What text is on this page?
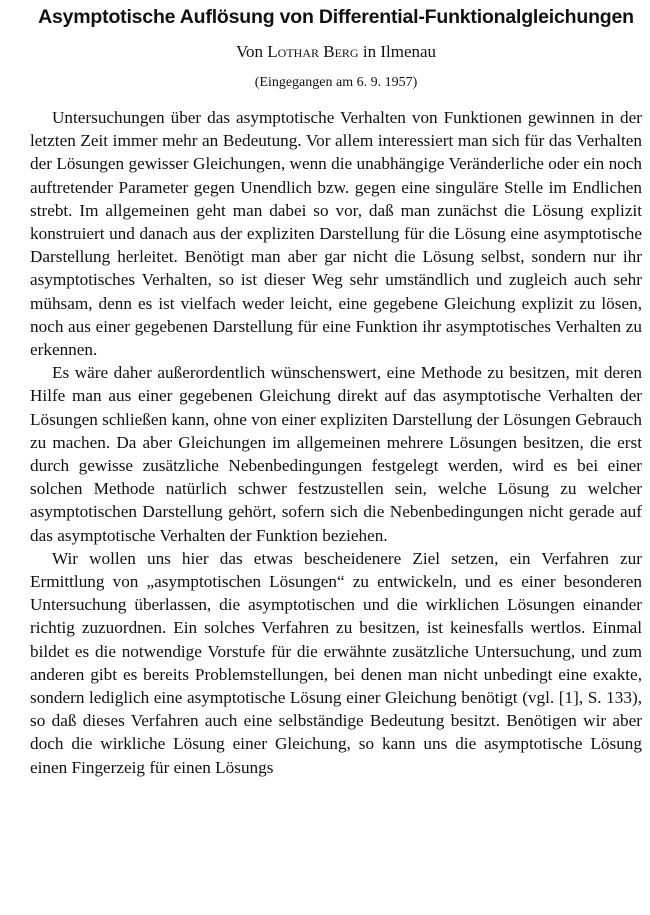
Asymptotische Auflösung von Differential-Funktionalgleichungen
Von Lothar Berg in Ilmenau
(Eingegangen am 6. 9. 1957)

Untersuchungen über das asymptotische Verhalten von Funktionen gewinnen in der letzten Zeit immer mehr an Bedeutung. Vor allem interessiert man sich für das Verhalten der Lösungen gewisser Gleichungen, wenn die unabhängige Veränderliche oder ein noch auftretender Parameter gegen Unendlich bzw. gegen eine singuläre Stelle im Endlichen strebt. Im allgemeinen geht man dabei so vor, daß man zunächst die Lösung explizit konstruiert und danach aus der expliziten Darstellung für die Lösung eine asymptotische Darstellung herleitet. Benötigt man aber gar nicht die Lösung selbst, sondern nur ihr asymptotisches Verhalten, so ist dieser Weg sehr umständlich und zugleich auch sehr mühsam, denn es ist vielfach weder leicht, eine gegebene Gleichung explizit zu lösen, noch aus einer gegebenen Darstellung für eine Funktion ihr asymptotisches Verhalten zu erkennen.

Es wäre daher außerordentlich wünschenswert, eine Methode zu besitzen, mit deren Hilfe man aus einer gegebenen Gleichung direkt auf das asymptotische Verhalten der Lösungen schließen kann, ohne von einer expliziten Darstellung der Lösungen Gebrauch zu machen. Da aber Gleichungen im allgemeinen mehrere Lösungen besitzen, die erst durch gewisse zusätzliche Nebenbedingungen festgelegt werden, wird es bei einer solchen Methode natürlich schwer festzustellen sein, welche Lösung zu welcher asymptotischen Darstellung gehört, sofern sich die Nebenbedingungen nicht gerade auf das asymptotische Verhalten der Funktion beziehen.

Wir wollen uns hier das etwas bescheidenere Ziel setzen, ein Verfahren zur Ermittlung von „asymptotischen Lösungen“ zu entwickeln, und es einer besonderen Untersuchung überlassen, die asymptotischen und die wirklichen Lösungen einander richtig zuzuordnen. Ein solches Verfahren zu besitzen, ist keinesfalls wertlos. Einmal bildet es die notwendige Vorstufe für die erwähnte zusätzliche Untersuchung, und zum anderen gibt es bereits Problemstellungen, bei denen man nicht unbedingt eine exakte, sondern lediglich eine asymptotische Lösung einer Gleichung benötigt (vgl. [1], S. 133), so daß dieses Verfahren auch eine selbständige Bedeutung besitzt. Benötigen wir aber doch die wirkliche Lösung einer Gleichung, so kann uns die asymptotische Lösung einen Fingerzeig für einen Lösungs
